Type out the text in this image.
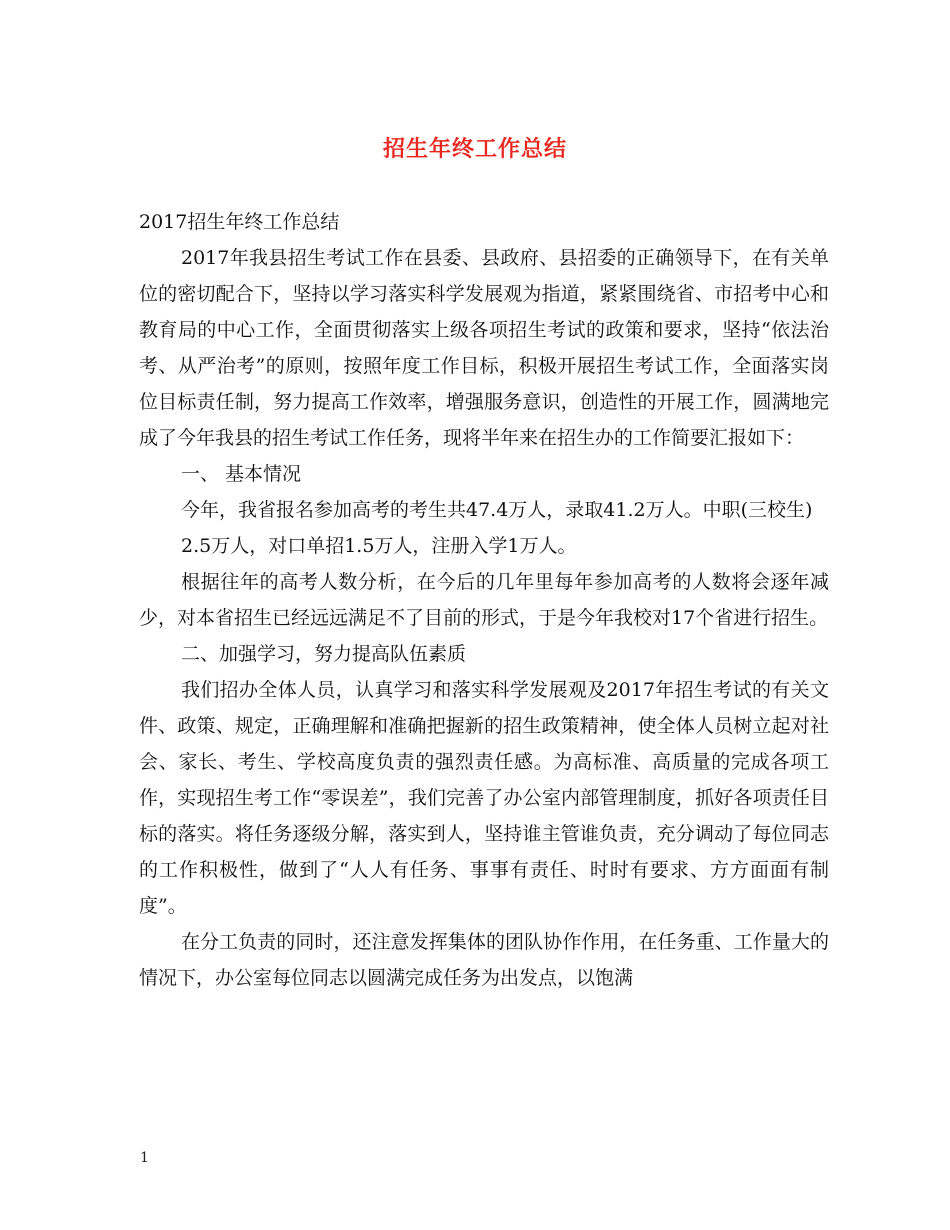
招生年终工作总结

2017招生年终工作总结

2017年我县招生考试工作在县委、县政府、县招委的正确领导下，在有关单位的密切配合下，坚持以学习落实科学发展观为指道，紧紧围绕省、市招考中心和教育局的中心工作，全面贯彻落实上级各项招生考试的政策和要求，坚持“依法治考、从严治考”的原则，按照年度工作目标，积极开展招生考试工作，全面落实岗位目标责任制，努力提高工作效率，增强服务意识，创造性的开展工作，圆满地完成了今年我县的招生考试工作任务，现将半年来在招生办的工作简要汇报如下：

一、 基本情况

今年，我省报名参加高考的考生共47.4万人，录取41.2万人。中职(三校生)

2.5万人，对口单招1.5万人，注册入学1万人。

根据往年的高考人数分析，在今后的几年里每年参加高考的人数将会逐年减少，对本省招生已经远远满足不了目前的形式，于是今年我校对17个省进行招生。

二、加强学习，努力提高队伍素质

我们招办全体人员，认真学习和落实科学发展观及2017年招生考试的有关文件、政策、规定，正确理解和准确把握新的招生政策精神，使全体人员树立起对社会、家长、考生、学校高度负责的强烈责任感。为高标准、高质量的完成各项工作，实现招生考工作“零误差”，我们完善了办公室内部管理制度，抓好各项责任目标的落实。将任务逐级分解，落实到人，坚持谁主管谁负责，充分调动了每位同志的工作积极性，做到了“人人有任务、事事有责任、时时有要求、方方面面有制度”。

在分工负责的同时，还注意发挥集体的团队协作作用，在任务重、工作量大的情况下，办公室每位同志以圆满完成任务为出发点，以饱满

1
